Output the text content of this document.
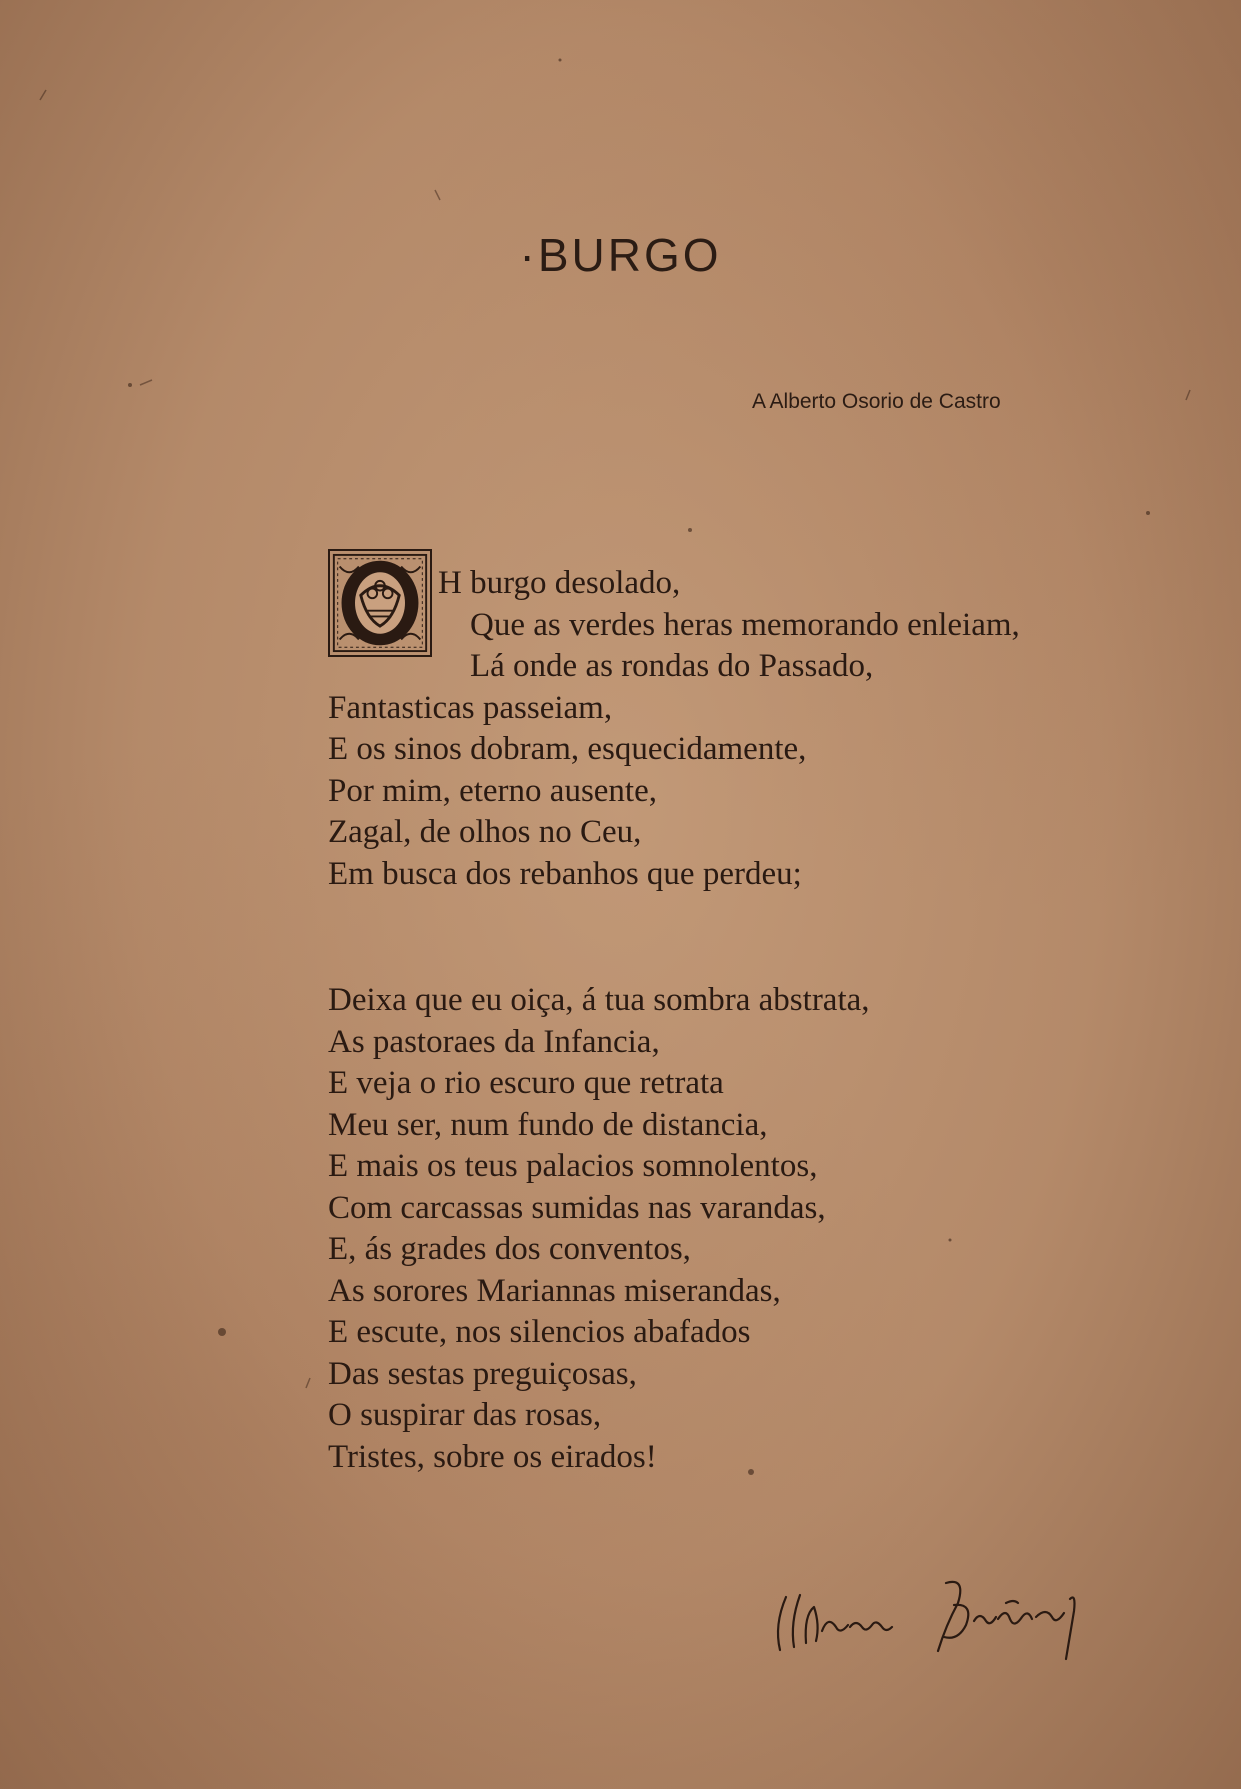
·BURGO
A Alberto Osorio de Castro
H burgo desolado,
Que as verdes heras memorando enleiam,
Lá onde as rondas do Passado,
Fantasticas passeiam,
E os sinos dobram, esquecidamente,
Por mim, eterno ausente,
Zagal, de olhos no Ceu,
Em busca dos rebanhos que perdeu;
Deixa que eu oiça, á tua sombra abstrata,
As pastoraes da Infancia,
E veja o rio escuro que retrata
Meu ser, num fundo de distancia,
E mais os teus palacios somnolentos,
Com carcassas sumidas nas varandas,
E, ás grades dos conventos,
As sorores Mariannas miserandas,
E escute, nos silencios abafados
Das sestas preguiçosas,
O suspirar das rosas,
Tristes, sobre os eirados!
